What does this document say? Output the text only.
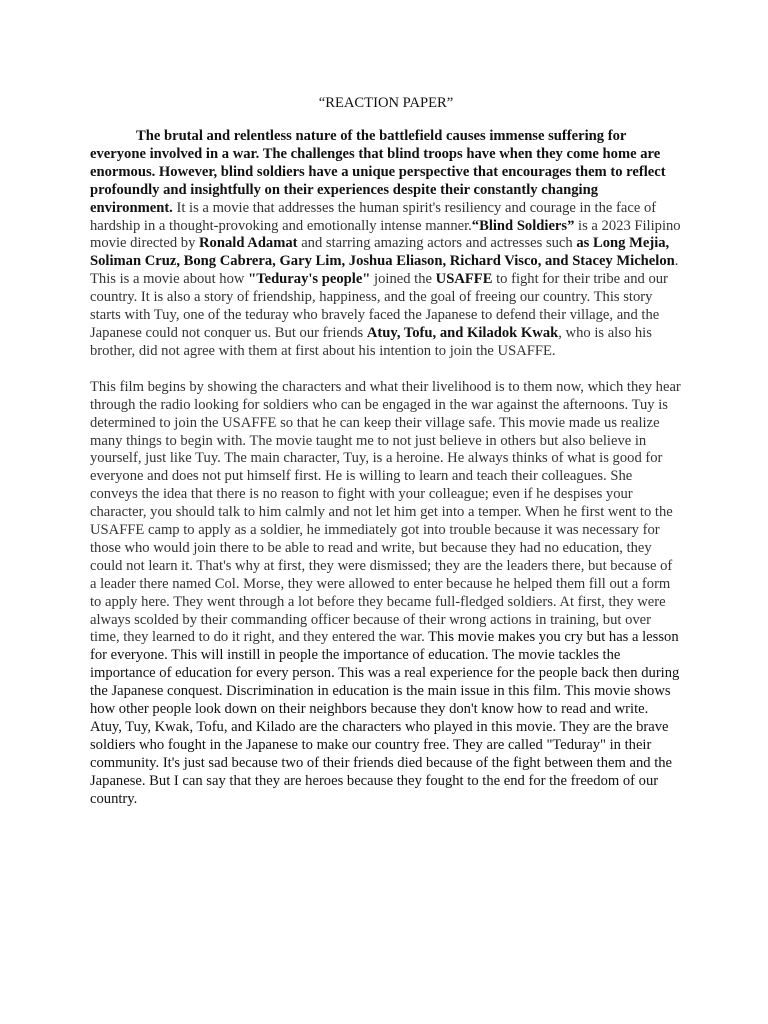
“REACTION PAPER”

The brutal and relentless nature of the battlefield causes immense suffering for everyone involved in a war. The challenges that blind troops have when they come home are enormous. However, blind soldiers have a unique perspective that encourages them to reflect profoundly and insightfully on their experiences despite their constantly changing environment. It is a movie that addresses the human spirit's resiliency and courage in the face of hardship in a thought-provoking and emotionally intense manner.“Blind Soldiers” is a 2023 Filipino movie directed by Ronald Adamat and starring amazing actors and actresses such as Long Mejia, Soliman Cruz, Bong Cabrera, Gary Lim, Joshua Eliason, Richard Visco, and Stacey Michelon. This is a movie about how "Teduray's people" joined the USAFFE to fight for their tribe and our country. It is also a story of friendship, happiness, and the goal of freeing our country. This story starts with Tuy, one of the teduray who bravely faced the Japanese to defend their village, and the Japanese could not conquer us. But our friends Atuy, Tofu, and Kiladok Kwak, who is also his brother, did not agree with them at first about his intention to join the USAFFE.

This film begins by showing the characters and what their livelihood is to them now, which they hear through the radio looking for soldiers who can be engaged in the war against the afternoons. Tuy is determined to join the USAFFE so that he can keep their village safe. This movie made us realize many things to begin with. The movie taught me to not just believe in others but also believe in yourself, just like Tuy. The main character, Tuy, is a heroine. He always thinks of what is good for everyone and does not put himself first. He is willing to learn and teach their colleagues. She conveys the idea that there is no reason to fight with your colleague; even if he despises your character, you should talk to him calmly and not let him get into a temper. When he first went to the USAFFE camp to apply as a soldier, he immediately got into trouble because it was necessary for those who would join there to be able to read and write, but because they had no education, they could not learn it. That's why at first, they were dismissed; they are the leaders there, but because of a leader there named Col. Morse, they were allowed to enter because he helped them fill out a form to apply here. They went through a lot before they became full-fledged soldiers. At first, they were always scolded by their commanding officer because of their wrong actions in training, but over time, they learned to do it right, and they entered the war. This movie makes you cry but has a lesson for everyone. This will instill in people the importance of education. The movie tackles the importance of education for every person. This was a real experience for the people back then during the Japanese conquest. Discrimination in education is the main issue in this film. This movie shows how other people look down on their neighbors because they don't know how to read and write. Atuy, Tuy, Kwak, Tofu, and Kilado are the characters who played in this movie. They are the brave soldiers who fought in the Japanese to make our country free. They are called "Teduray" in their community. It's just sad because two of their friends died because of the fight between them and the Japanese. But I can say that they are heroes because they fought to the end for the freedom of our country.
